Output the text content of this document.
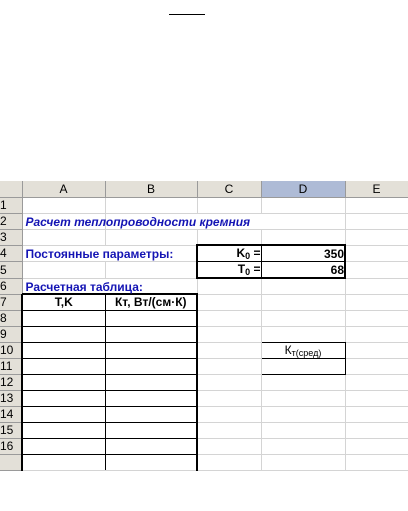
	A	B	C	D	E
1					
2	Расчет теплопроводности кремния				

3					
4	Постоянные параметры:		$K_0$ =	350	
5			$T_0$ =	68	
6	Расчетная таблица:				

7	T,K	Кт, Вт/(см·К)			
8					
9					
10				$К_{т(сред)}$	
11					
12					
13					
14					
15					
16					
